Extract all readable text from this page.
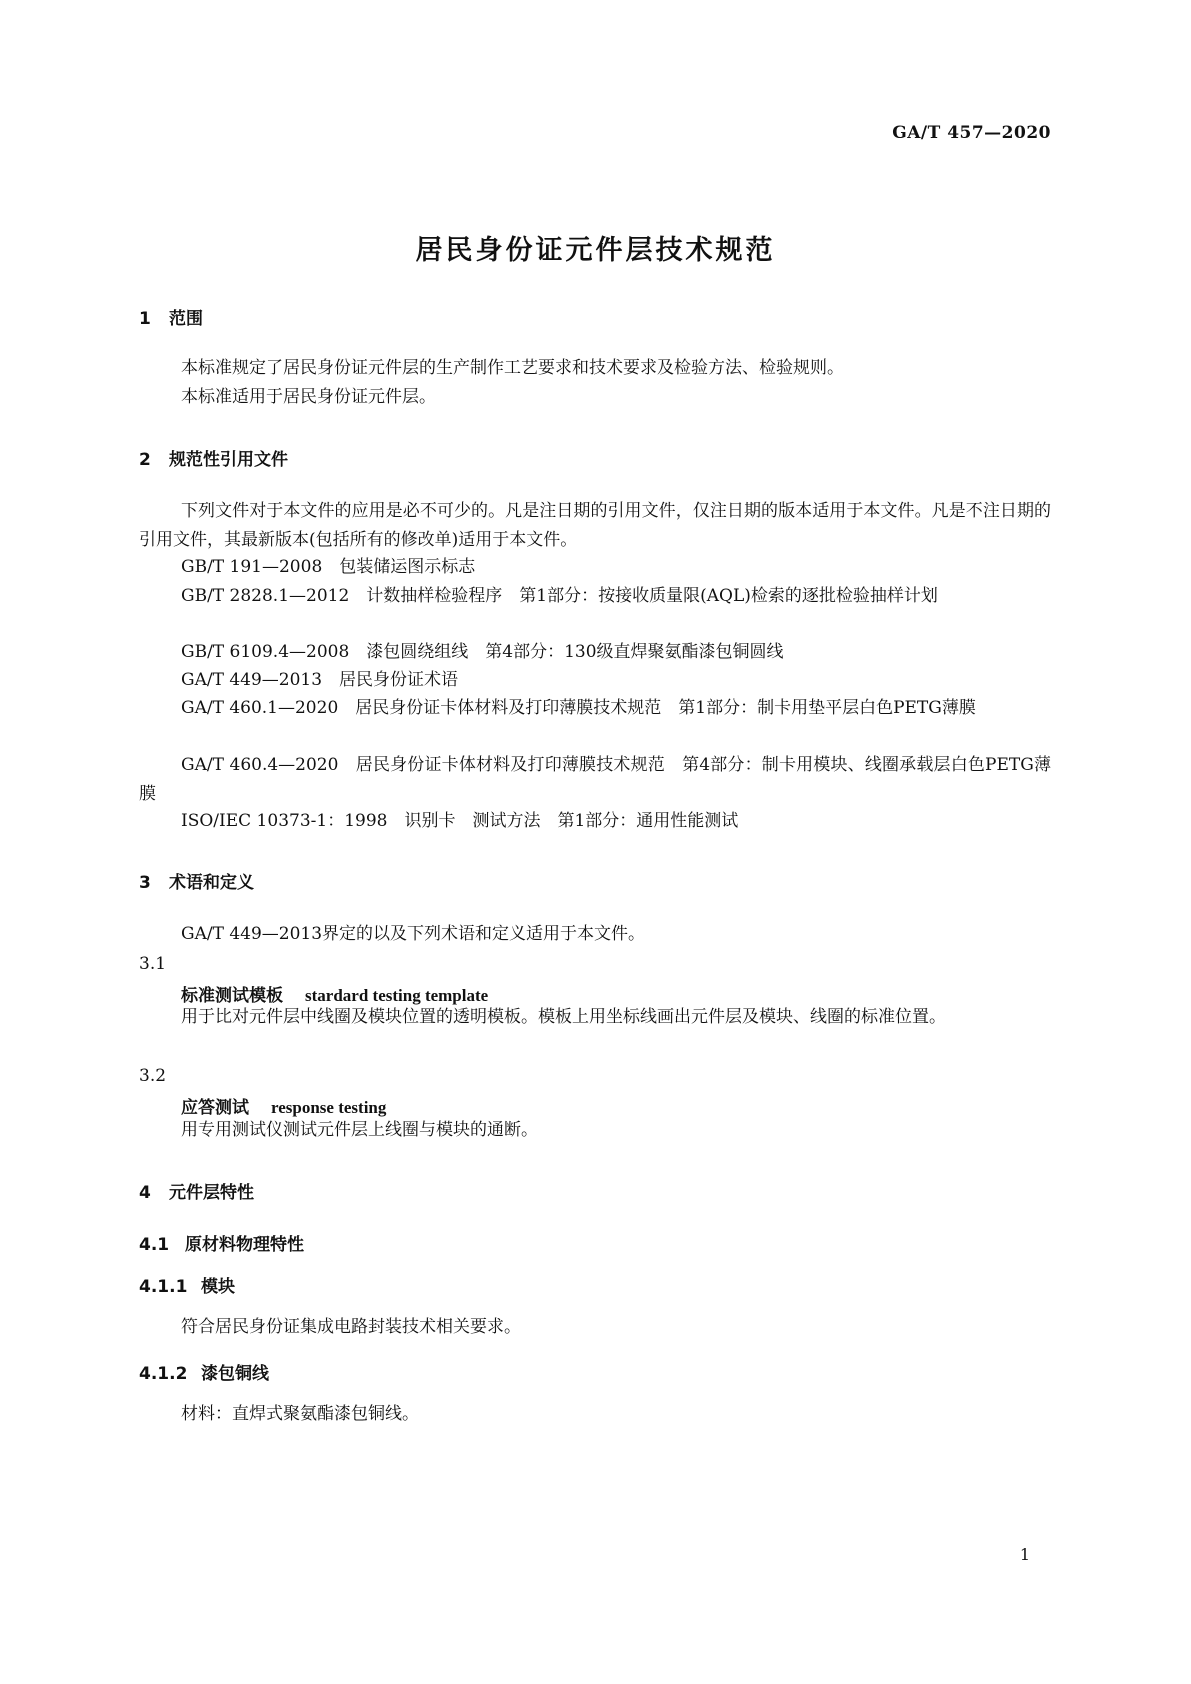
GA/T 457—2020
居民身份证元件层技术规范
1 范围
本标准规定了居民身份证元件层的生产制作工艺要求和技术要求及检验方法、检验规则。
本标准适用于居民身份证元件层。
2 规范性引用文件
下列文件对于本文件的应用是必不可少的。凡是注日期的引用文件，仅注日期的版本适用于本文件。凡是不注日期的引用文件，其最新版本(包括所有的修改单)适用于本文件。
GB/T 191—2008　包装储运图示标志
GB/T 2828.1—2012　计数抽样检验程序　第1部分：按接收质量限(AQL)检索的逐批检验抽样计划
GB/T 6109.4—2008　漆包圆绕组线　第4部分：130级直焊聚氨酯漆包铜圆线
GA/T 449—2013　居民身份证术语
GA/T 460.1—2020　居民身份证卡体材料及打印薄膜技术规范　第1部分：制卡用垫平层白色PETG薄膜
GA/T 460.4—2020　居民身份证卡体材料及打印薄膜技术规范　第4部分：制卡用模块、线圈承载层白色PETG薄膜
ISO/IEC 10373-1：1998　识别卡　测试方法　第1部分：通用性能测试
3 术语和定义
GA/T 449—2013界定的以及下列术语和定义适用于本文件。
3.1
标准测试模板 stardard testing template
用于比对元件层中线圈及模块位置的透明模板。模板上用坐标线画出元件层及模块、线圈的标准位置。
3.2
应答测试 response testing
用专用测试仪测试元件层上线圈与模块的通断。
4 元件层特性
4.1 原材料物理特性
4.1.1 模块
符合居民身份证集成电路封装技术相关要求。
4.1.2 漆包铜线
材料：直焊式聚氨酯漆包铜线。
1
